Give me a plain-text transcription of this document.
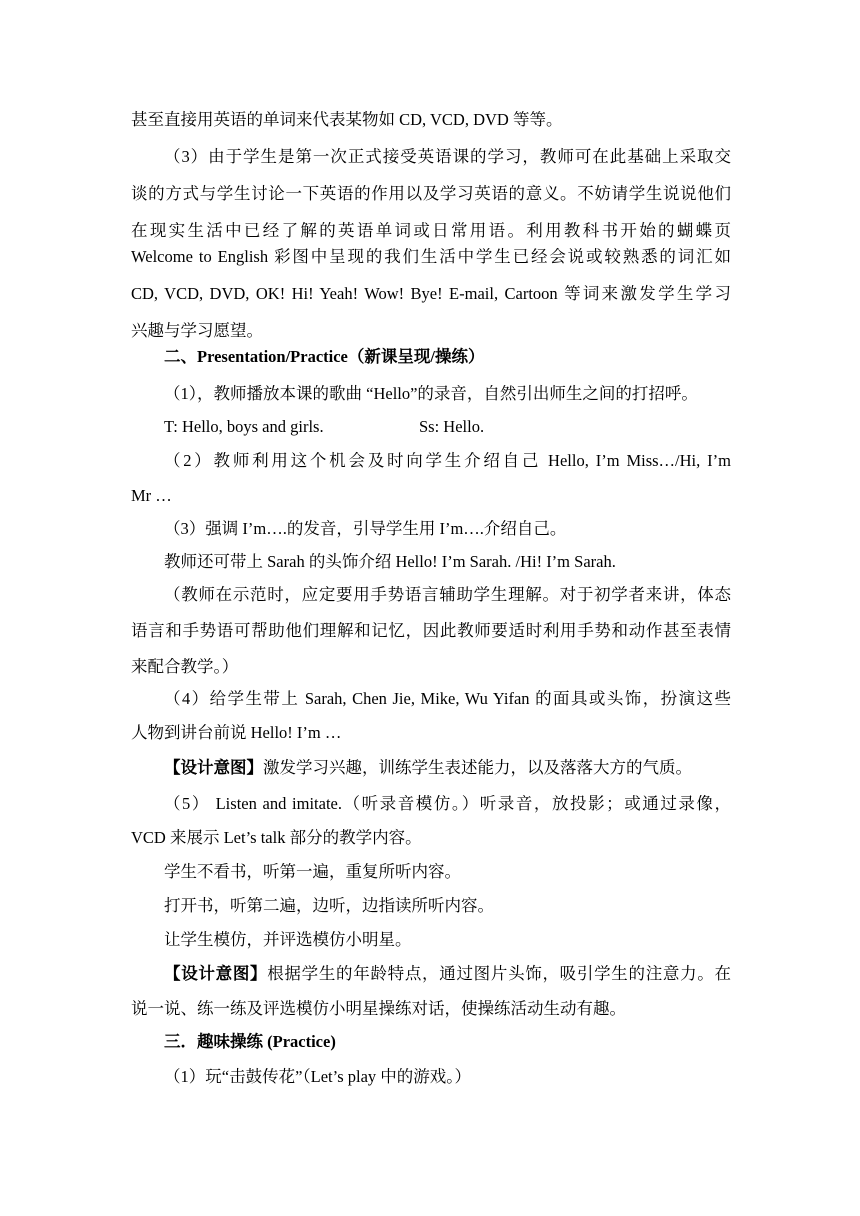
甚至直接用英语的单词来代表某物如 CD, VCD, DVD 等等。
（3）由于学生是第一次正式接受英语课的学习，教师可在此基础上采取交
谈的方式与学生讨论一下英语的作用以及学习英语的意义。不妨请学生说说他们
在现实生活中已经了解的英语单词或日常用语。利用教科书开始的蝴蝶页
Welcome to English 彩图中呈现的我们生活中学生已经会说或较熟悉的词汇如
CD, VCD, DVD, OK! Hi! Yeah! Wow! Bye! E-mail, Cartoon 等词来激发学生学习
兴趣与学习愿望。
二、Presentation/Practice（新课呈现/操练）
（1），教师播放本课的歌曲 “Hello”的录音，自然引出师生之间的打招呼。
T: Hello, boys and girls.	Ss: Hello.
（2）教师利用这个机会及时向学生介绍自己 Hello, I’m Miss…/Hi, I’m
Mr …
（3）强调 I’m….的发音，引导学生用 I’m….介绍自己。
教师还可带上 Sarah 的头饰介绍 Hello! I’m Sarah. /Hi! I’m Sarah.
（教师在示范时，应定要用手势语言辅助学生理解。对于初学者来讲，体态
语言和手势语可帮助他们理解和记忆，因此教师要适时利用手势和动作甚至表情
来配合教学。）
（4）给学生带上 Sarah, Chen Jie, Mike, Wu Yifan 的面具或头饰，扮演这些
人物到讲台前说 Hello! I’m …
【设计意图】激发学习兴趣，训练学生表述能力，以及落落大方的气质。
（5） Listen and imitate.（听录音模仿。）听录音，放投影；或通过录像，
VCD 来展示 Let’s talk 部分的教学内容。
学生不看书，听第一遍，重复所听内容。
打开书，听第二遍，边听，边指读所听内容。
让学生模仿，并评选模仿小明星。
【设计意图】根据学生的年龄特点，通过图片头饰，吸引学生的注意力。在
说一说、练一练及评选模仿小明星操练对话，使操练活动生动有趣。
三．趣味操练 (Practice)
（1）玩“击鼓传花”（Let’s play 中的游戏。）
